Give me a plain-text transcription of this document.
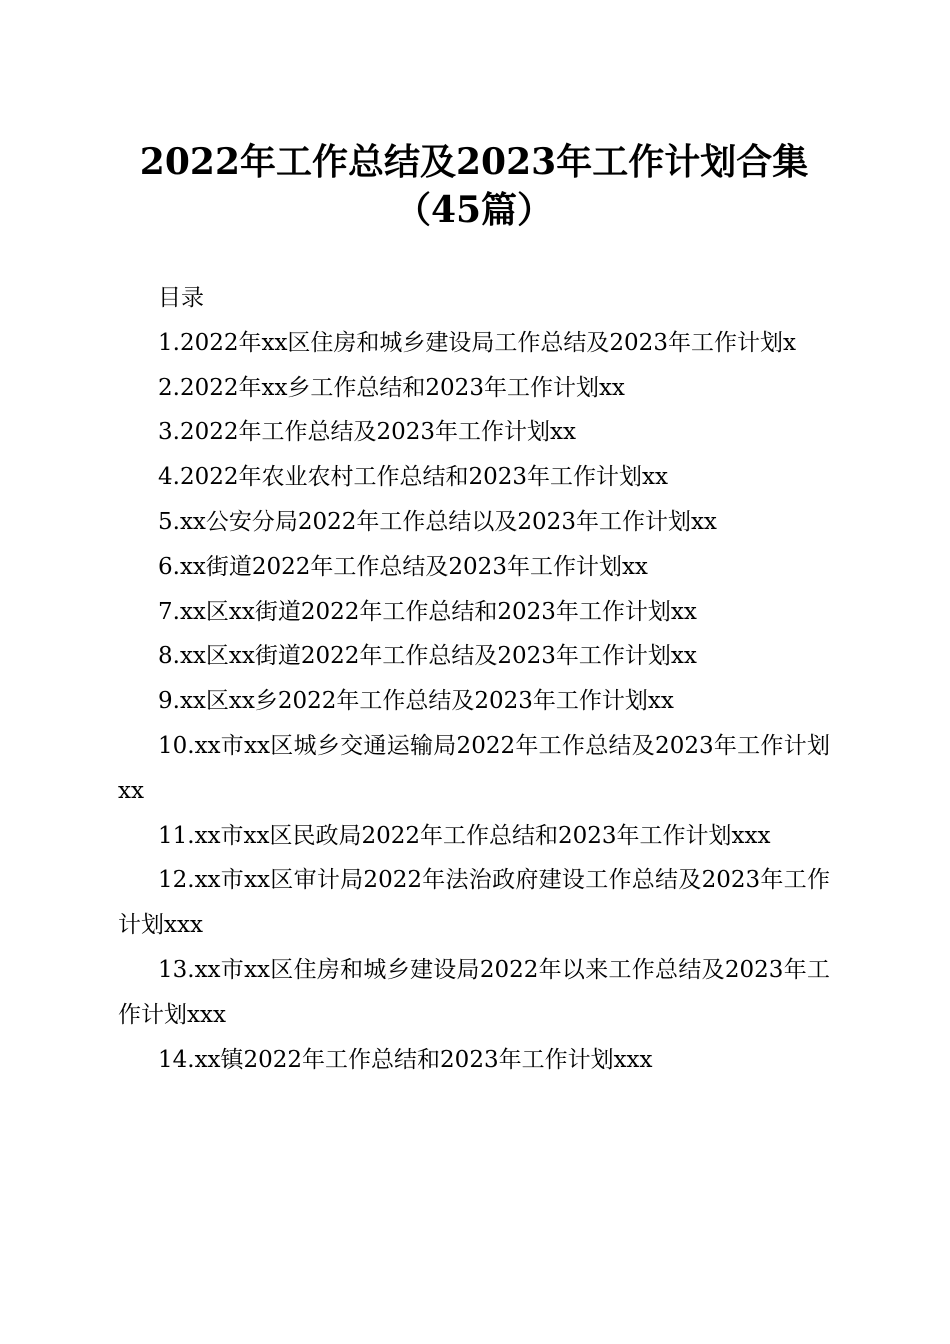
2022年工作总结及2023年工作计划合集（45篇）

目录

1.2022年xx区住房和城乡建设局工作总结及2023年工作计划x

2.2022年xx乡工作总结和2023年工作计划xx

3.2022年工作总结及2023年工作计划xx

4.2022年农业农村工作总结和2023年工作计划xx

5.xx公安分局2022年工作总结以及2023年工作计划xx

6.xx街道2022年工作总结及2023年工作计划xx

7.xx区xx街道2022年工作总结和2023年工作计划xx

8.xx区xx街道2022年工作总结及2023年工作计划xx

9.xx区xx乡2022年工作总结及2023年工作计划xx

10.xx市xx区城乡交通运输局2022年工作总结及2023年工作计划xx

11.xx市xx区民政局2022年工作总结和2023年工作计划xxx

12.xx市xx区审计局2022年法治政府建设工作总结及2023年工作计划xxx

13.xx市xx区住房和城乡建设局2022年以来工作总结及2023年工作计划xxx

14.xx镇2022年工作总结和2023年工作计划xxx
